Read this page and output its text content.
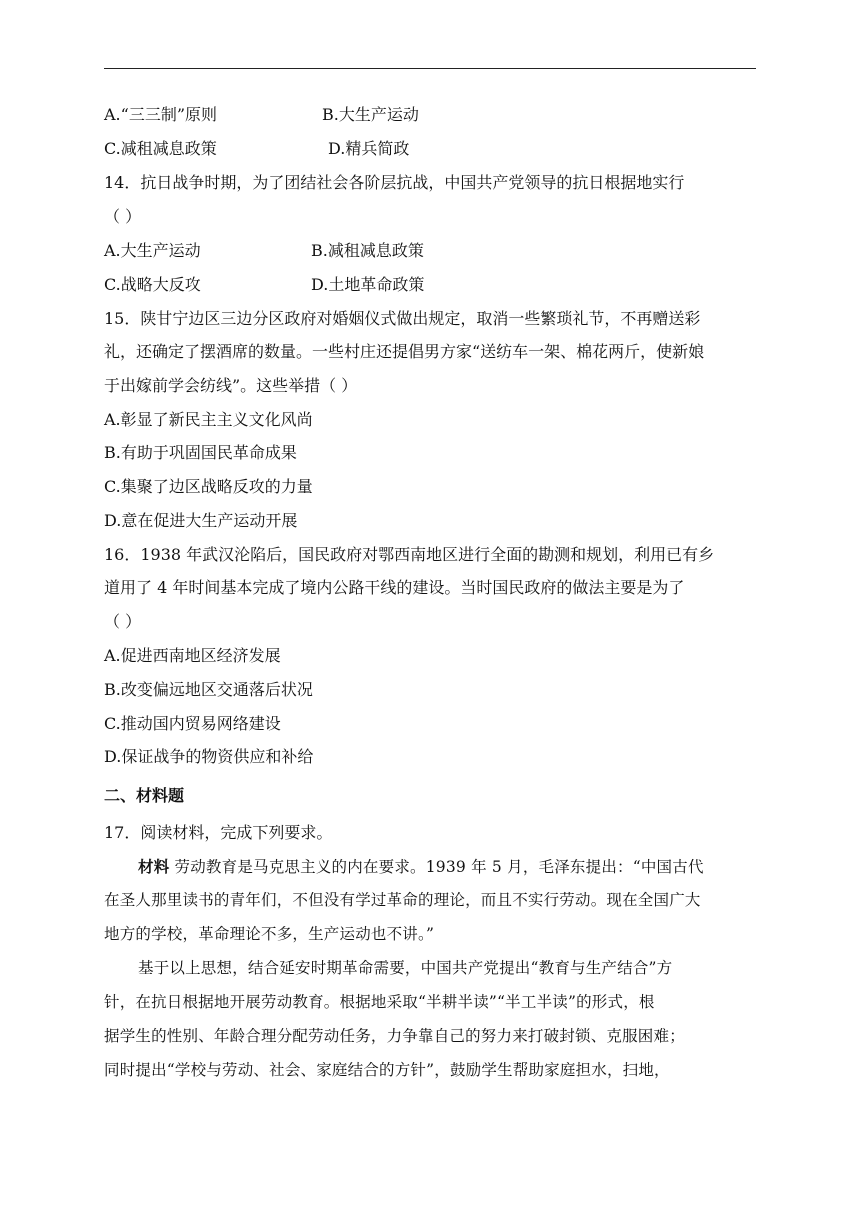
A.“三三制”原则	B.大生产运动
C.减租减息政策	D.精兵简政
14．抗日战争时期，为了团结社会各阶层抗战，中国共产党领导的抗日根据地实行
（ ）
A.大生产运动	B.减租减息政策
C.战略大反攻	D.土地革命政策
15．陕甘宁边区三边分区政府对婚姻仪式做出规定，取消一些繁琐礼节，不再赠送彩
礼，还确定了摆酒席的数量。一些村庄还提倡男方家“送纺车一架、棉花两斤，使新娘
于出嫁前学会纺线”。这些举措（ ）
A.彰显了新民主主义文化风尚
B.有助于巩固国民革命成果
C.集聚了边区战略反攻的力量
D.意在促进大生产运动开展
16．1938 年武汉沦陷后，国民政府对鄂西南地区进行全面的勘测和规划，利用已有乡
道用了 4 年时间基本完成了境内公路干线的建设。当时国民政府的做法主要是为了
（ ）
A.促进西南地区经济发展
B.改变偏远地区交通落后状况
C.推动国内贸易网络建设
D.保证战争的物资供应和补给
二、材料题
17．阅读材料，完成下列要求。
材料 劳动教育是马克思主义的内在要求。1939 年 5 月，毛泽东提出：“中国古代
在圣人那里读书的青年们，不但没有学过革命的理论，而且不实行劳动。现在全国广大
地方的学校，革命理论不多，生产运动也不讲。”
基于以上思想，结合延安时期革命需要，中国共产党提出“教育与生产结合”方
针，在抗日根据地开展劳动教育。根据地采取“半耕半读”“半工半读”的形式，根
据学生的性别、年龄合理分配劳动任务，力争靠自己的努力来打破封锁、克服困难；
同时提出“学校与劳动、社会、家庭结合的方针”，鼓励学生帮助家庭担水，扫地，
